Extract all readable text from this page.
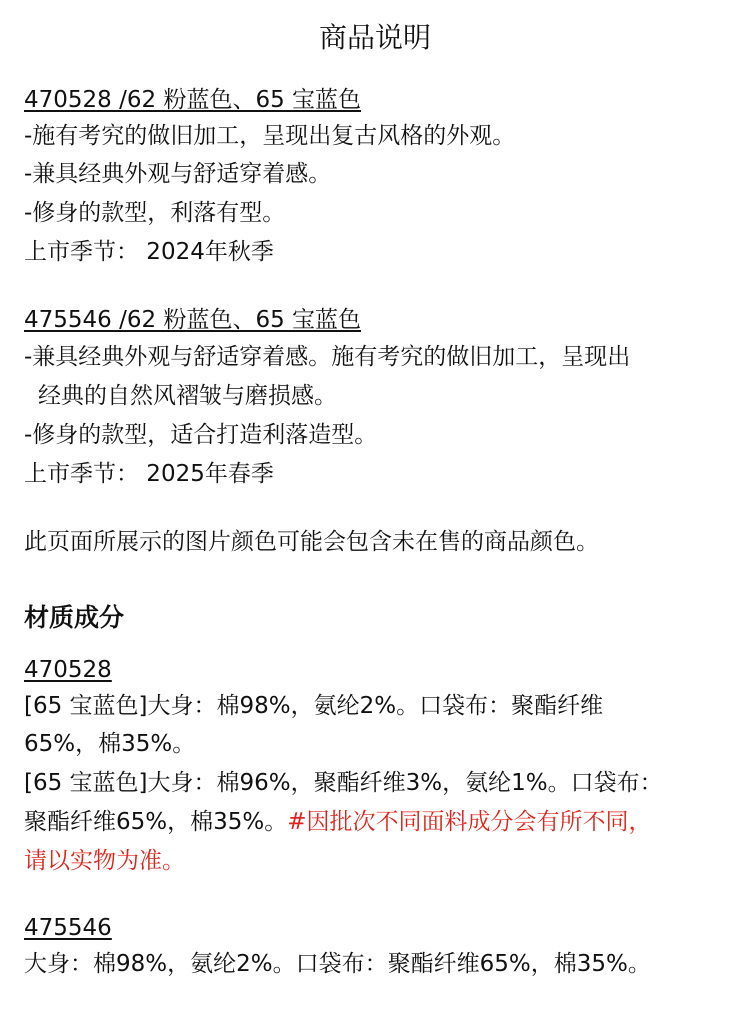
商品说明
470528 /62 粉蓝色、65 宝蓝色
-施有考究的做旧加工，呈现出复古风格的外观。
-兼具经典外观与舒适穿着感。
-修身的款型，利落有型。
上市季节： 2024年秋季
475546 /62 粉蓝色、65 宝蓝色
-兼具经典外观与舒适穿着感。施有考究的做旧加工，呈现出
经典的自然风褶皱与磨损感。
-修身的款型，适合打造利落造型。
上市季节： 2025年春季
此页面所展示的图片颜色可能会包含未在售的商品颜色。
材质成分
470528
[65 宝蓝色]大身：棉98%，氨纶2%。口袋布：聚酯纤维
65%，棉35%。
[65 宝蓝色]大身：棉96%，聚酯纤维3%，氨纶1%。口袋布：
聚酯纤维65%，棉35%。#因批次不同面料成分会有所不同，
请以实物为准。
475546
大身：棉98%，氨纶2%。口袋布：聚酯纤维65%，棉35%。
